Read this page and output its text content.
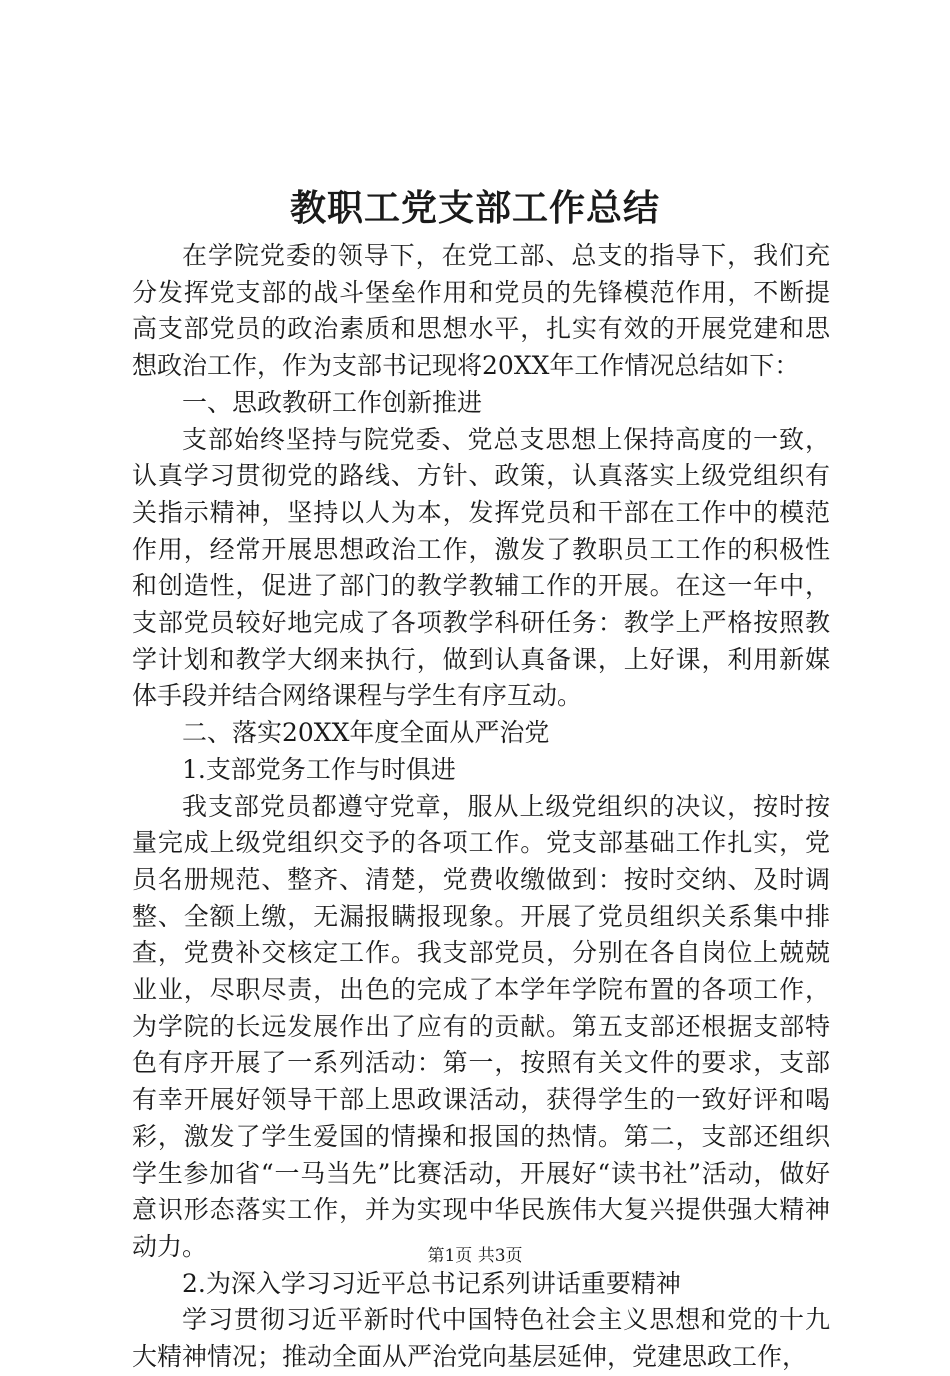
教职工党支部工作总结

在学院党委的领导下，在党工部、总支的指导下，我们充分发挥党支部的战斗堡垒作用和党员的先锋模范作用，不断提高支部党员的政治素质和思想水平，扎实有效的开展党建和思想政治工作，作为支部书记现将20XX年工作情况总结如下：

一、思政教研工作创新推进

支部始终坚持与院党委、党总支思想上保持高度的一致，认真学习贯彻党的路线、方针、政策，认真落实上级党组织有关指示精神，坚持以人为本，发挥党员和干部在工作中的模范作用，经常开展思想政治工作，激发了教职员工工作的积极性和创造性，促进了部门的教学教辅工作的开展。在这一年中，支部党员较好地完成了各项教学科研任务：教学上严格按照教学计划和教学大纲来执行，做到认真备课，上好课，利用新媒体手段并结合网络课程与学生有序互动。

二、落实20XX年度全面从严治党

1.支部党务工作与时俱进

我支部党员都遵守党章，服从上级党组织的决议，按时按量完成上级党组织交予的各项工作。党支部基础工作扎实，党员名册规范、整齐、清楚，党费收缴做到：按时交纳、及时调整、全额上缴，无漏报瞒报现象。开展了党员组织关系集中排查，党费补交核定工作。我支部党员，分别在各自岗位上兢兢业业，尽职尽责，出色的完成了本学年学院布置的各项工作，为学院的长远发展作出了应有的贡献。第五支部还根据支部特色有序开展了一系列活动：第一，按照有关文件的要求，支部有幸开展好领导干部上思政课活动，获得学生的一致好评和喝彩，激发了学生爱国的情操和报国的热情。第二，支部还组织学生参加省“一马当先”比赛活动，开展好“读书社”活动，做好意识形态落实工作，并为实现中华民族伟大复兴提供强大精神动力。

2.为深入学习习近平总书记系列讲话重要精神

学习贯彻习近平新时代中国特色社会主义思想和党的十九大精神情况；推动全面从严治党向基层延伸，党建思政工作，

第1页 共3页
